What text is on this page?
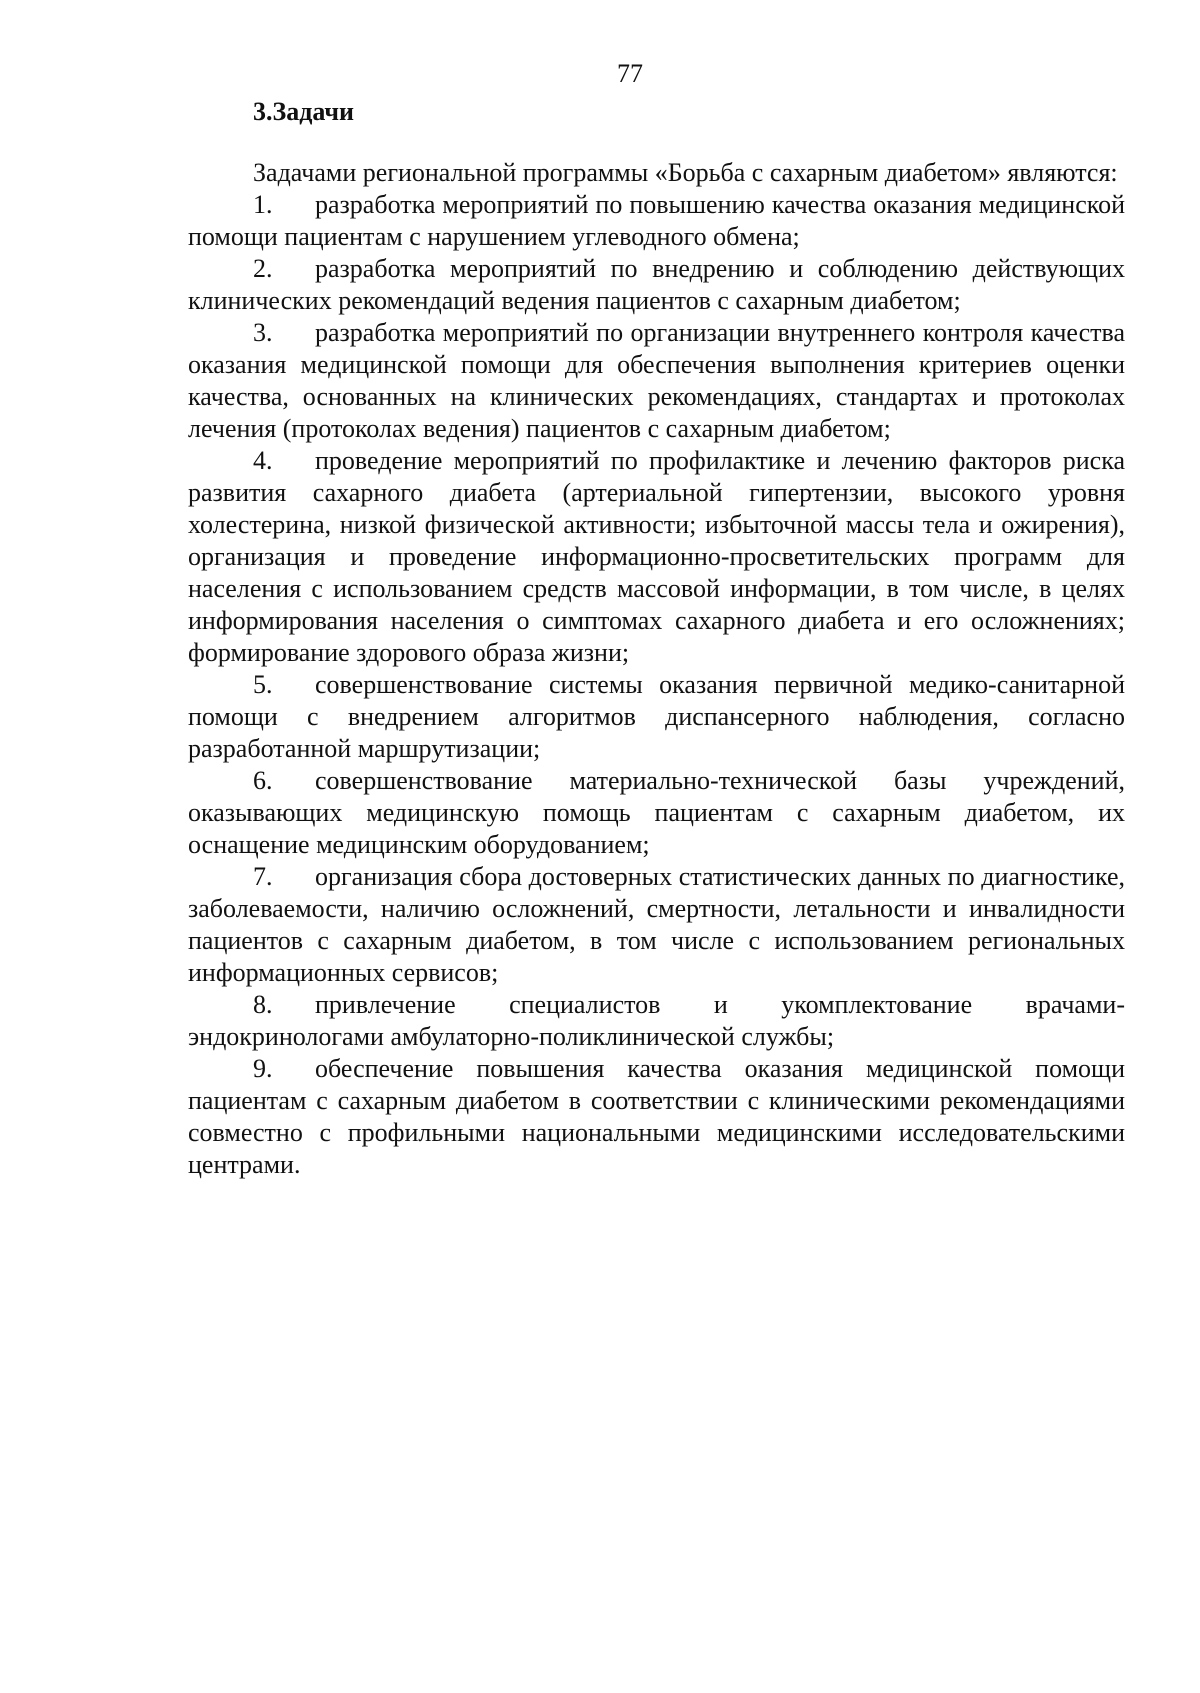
77
3.Задачи

Задачами региональной программы «Борьба с сахарным диабетом» являются:

1. разработка мероприятий по повышению качества оказания медицинской помощи пациентам с нарушением углеводного обмена;
2. разработка мероприятий по внедрению и соблюдению действующих клинических рекомендаций ведения пациентов с сахарным диабетом;
3. разработка мероприятий по организации внутреннего контроля качества оказания медицинской помощи для обеспечения выполнения критериев оценки качества, основанных на клинических рекомендациях, стандартах и протоколах лечения (протоколах ведения) пациентов с сахарным диабетом;
4. проведение мероприятий по профилактике и лечению факторов риска развития сахарного диабета (артериальной гипертензии, высокого уровня холестерина, низкой физической активности; избыточной массы тела и ожирения), организация и проведение информационно-просветительских программ для населения с использованием средств массовой информации, в том числе, в целях информирования населения о симптомах сахарного диабета и его осложнениях; формирование здорового образа жизни;
5. совершенствование системы оказания первичной медико-санитарной помощи с внедрением алгоритмов диспансерного наблюдения, согласно разработанной маршрутизации;
6. совершенствование материально-технической базы учреждений, оказывающих медицинскую помощь пациентам с сахарным диабетом, их оснащение медицинским оборудованием;
7. организация сбора достоверных статистических данных по диагностике, заболеваемости, наличию осложнений, смертности, летальности и инвалидности пациентов с сахарным диабетом, в том числе с использованием региональных информационных сервисов;
8. привлечение специалистов и укомплектование врачами-эндокринологами амбулаторно-поликлинической службы;
9. обеспечение повышения качества оказания медицинской помощи пациентам с сахарным диабетом в соответствии с клиническими рекомендациями совместно с профильными национальными медицинскими исследовательскими центрами.
